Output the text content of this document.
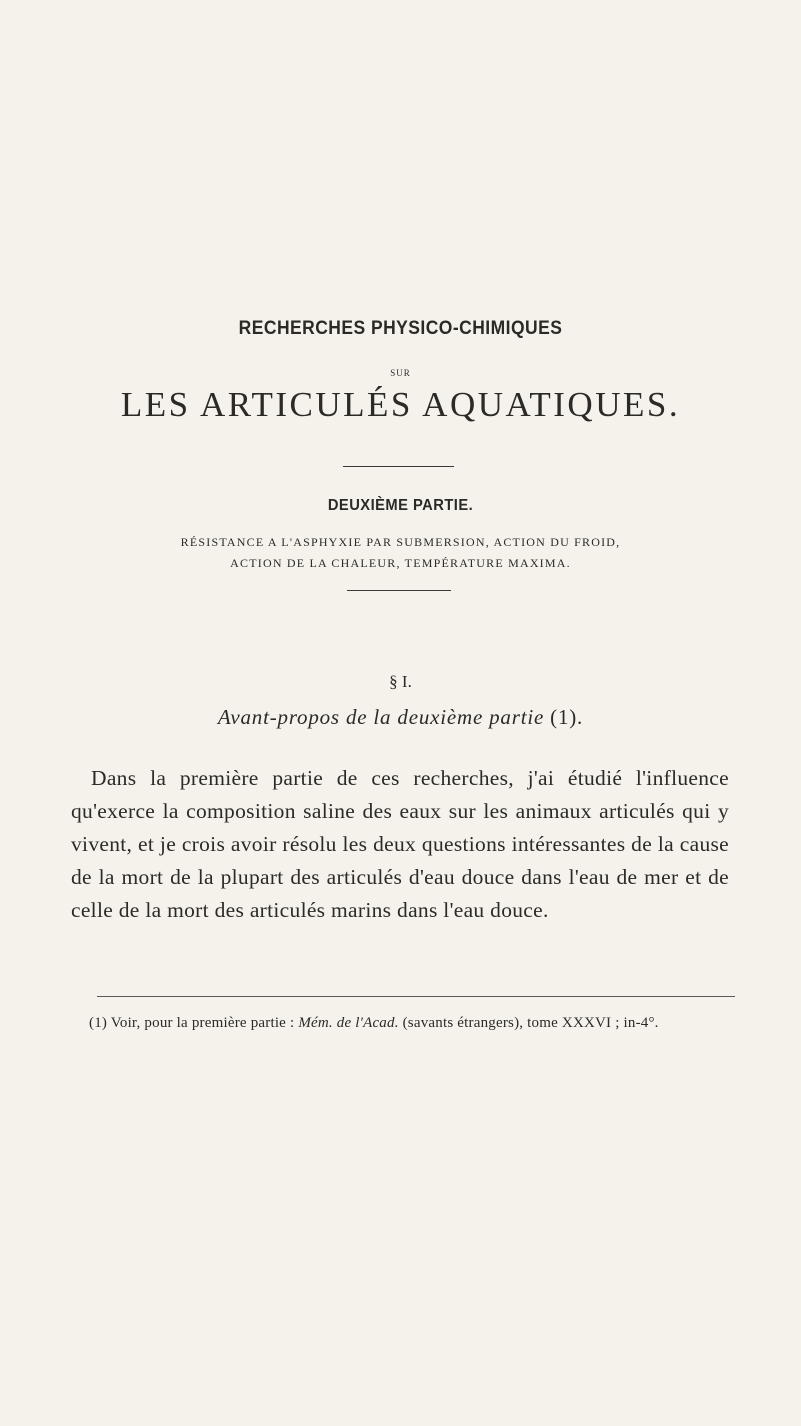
RECHERCHES PHYSICO-CHIMIQUES
SUR
LES ARTICULÉS AQUATIQUES.
DEUXIÈME PARTIE.
RÉSISTANCE A L'ASPHYXIE PAR SUBMERSION, ACTION DU FROID,
ACTION DE LA CHALEUR, TEMPÉRATURE MAXIMA.
§ I.
Avant-propos de la deuxième partie (1).
Dans la première partie de ces recherches, j'ai étudié l'influence qu'exerce la composition saline des eaux sur les animaux articulés qui y vivent, et je crois avoir résolu les deux questions intéressantes de la cause de la mort de la plupart des articulés d'eau douce dans l'eau de mer et de celle de la mort des articulés marins dans l'eau douce.
(1) Voir, pour la première partie : Mém. de l'Acad. (savants étrangers), tome XXXVI ; in-4°.
